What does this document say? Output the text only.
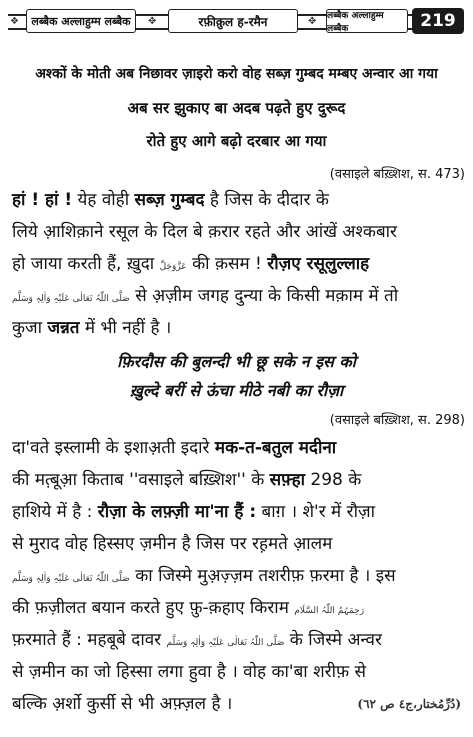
❖	लब्बैक अल्लाहुम्म लब्बैक	✥	रफ़ीक़ुल ह-रमैन	✥ लब्बैक अल्लाहुम्म लब्बैक	219
अश्कों के मोती अब निछावर ज़ाइरो करो वोह सब्ज़ गुम्बद मम्बए अन्वार आ गया
अब सर झुकाए बा अदब पढ़ते हुए दुरूद
रोते हुए आगे बढ़ो दरबार आ गया
(वसाइले बख़्शिश, स. 473)
हां ! हां ! येह वोही सब्ज़ गुम्बद है जिस के दीदार के
लिये आ़शिक़ाने रसूल के दिल बे क़रार रहते और आंखें अश्कबार
हो जाया करती हैं, ख़ुदा عَزَّوَجَلَّ की क़सम ! रौज़ए रसूलुल्लाह
صَلَّی اللّٰہُ تَعَالٰی عَلَیْہِ وَاٰلِہٖ وَسَلَّم से अ़ज़ीम जगह दुन्या के किसी मक़ाम में तो
कुजा जन्नत में भी नहीं है ।
फ़िरदौस की बुलन्दी भी छू सके न इस को
ख़ुल्दे बरीं से ऊंचा मीठे नबी का रौज़ा
(वसाइले बख़्शिश, स. 298)
दा'वते इस्लामी के इशाअ़ती इदारे मक-त-बतुल मदीना
की मत़्बूआ़ किताब ''वसाइले बख़्शिश'' के सफ़्हा 298 के
हाशिये में है : रौज़ा के लफ़्ज़ी मा'ना हैं : बाग़ । शे'र में रौज़ा
से मुराद वोह हिस्सए ज़मीन है जिस पर रह़मते आ़लम
صَلَّی اللّٰہُ تَعَالٰی عَلَیْہِ وَاٰلِہٖ وَسَلَّم का जिस्मे मुअ़ज़्ज़म तशरीफ़ फ़रमा है । इस
की फ़ज़ीलत बयान करते हुए फ़ु-क़हाए किराम رَحِمَہُمُ اللّٰہُ السَّلَام
फ़रमाते हैं : महबूबे दावर صَلَّی اللّٰہُ تَعَالٰی عَلَیْہِ وَاٰلِہٖ وَسَلَّم के जिस्मे अन्वर
से ज़मीन का जो हिस्सा लगा हुवा है । वोह का'बा शरीफ़ से
बल्कि अ़र्शो कुर्सी से भी अफ़्ज़ल है ।	(دُرِّمُختار،ج٤ ص ٦٢)
